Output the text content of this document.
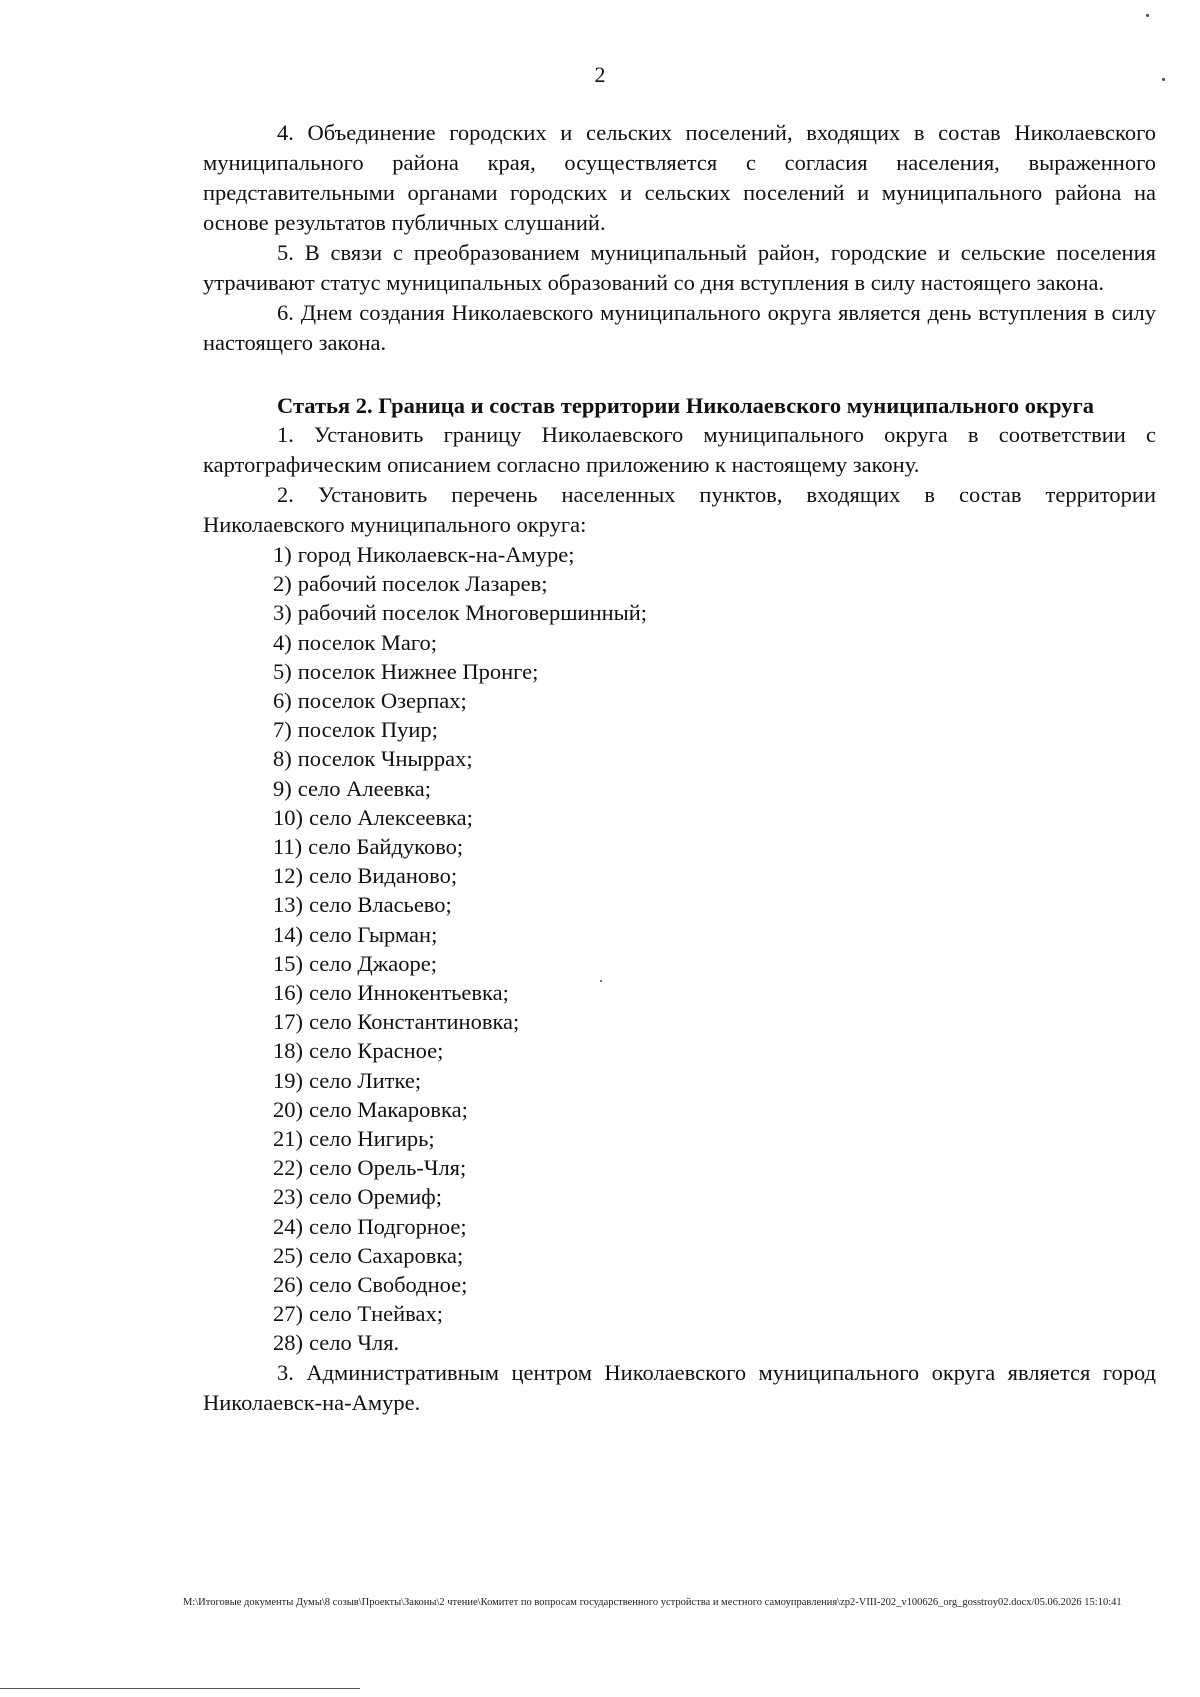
2

4. Объединение городских и сельских поселений, входящих в состав Николаевского муниципального района края, осуществляется с согласия населения, выраженного представительными органами городских и сельских поселений и муниципального района на основе результатов публичных слушаний.

5. В связи с преобразованием муниципальный район, городские и сельские поселения утрачивают статус муниципальных образований со дня вступления в силу настоящего закона.

6. Днем создания Николаевского муниципального округа является день вступления в силу настоящего закона.

Статья 2. Граница и состав территории Николаевского муниципального округа

1. Установить границу Николаевского муниципального округа в соответствии с картографическим описанием согласно приложению к настоящему закону.

2. Установить перечень населенных пунктов, входящих в состав территории Николаевского муниципального округа:

1) город Николаевск-на-Амуре;
2) рабочий поселок Лазарев;
3) рабочий поселок Многовершинный;
4) поселок Маго;
5) поселок Нижнее Пронге;
6) поселок Озерпах;
7) поселок Пуир;
8) поселок Чныррах;
9) село Алеевка;
10) село Алексеевка;
11) село Байдуково;
12) село Виданово;
13) село Власьево;
14) село Гырман;
15) село Джаоре;
16) село Иннокентьевка;
17) село Константиновка;
18) село Красное;
19) село Литке;
20) село Макаровка;
21) село Нигирь;
22) село Орель-Чля;
23) село Оремиф;
24) село Подгорное;
25) село Сахаровка;
26) село Свободное;
27) село Тнейвах;
28) село Чля.

3. Административным центром Николаевского муниципального округа является город Николаевск-на-Амуре.

M:\Итоговые документы Думы\8 созыв\Проекты\Законы\2 чтение\Комитет по вопросам государственного устройства и местного самоуправления\zp2-VIII-202_v100626_org_gosstroy02.docx/05.06.2026 15:10:41
